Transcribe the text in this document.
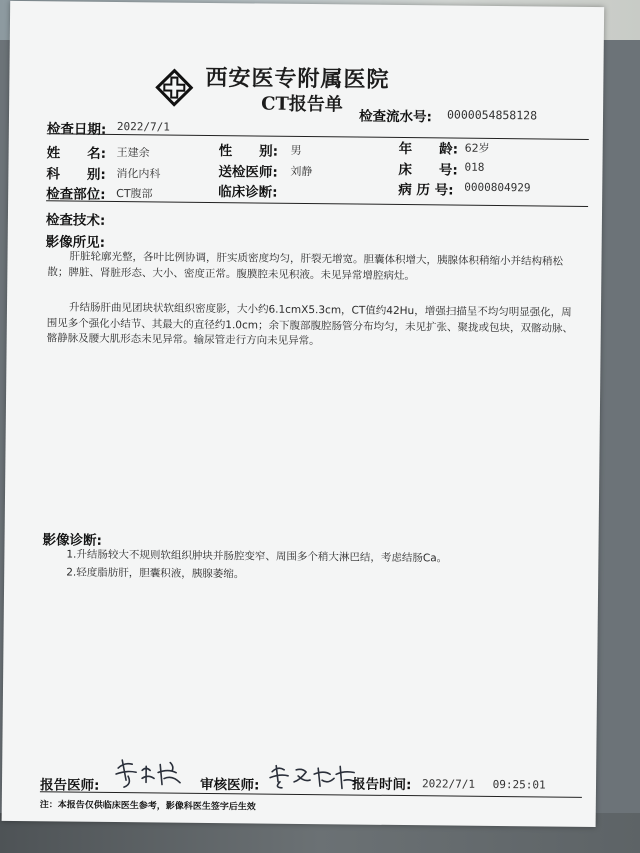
西安医专附属医院
CT报告单
检查流水号: 0000054858128
检查日期: 2022/7/1
姓　　名: 王建余	性　　别: 男	年　　龄: 62岁
科　　别: 消化内科	送检医师: 刘静	床　　号: 018
检查部位: CT腹部	临床诊断:	病 历 号: 0000804929
检查技术:
影像所见:
肝脏轮廓光整，各叶比例协调，肝实质密度均匀，肝裂无增宽。胆囊体积增大，胰腺体积稍缩小并结构稍松散；脾脏、肾脏形态、大小、密度正常。腹膜腔未见积液。未见异常增腔病灶。
升结肠肝曲见团块状软组织密度影，大小约6.1cmX5.3cm，CT值约42Hu，增强扫描呈不均匀明显强化，周围见多个强化小结节、其最大的直径约1.0cm；余下腹部腹腔肠管分布均匀，未见扩张、聚拢或包块，双髂动脉、髂静脉及腰大肌形态未见异常。输尿管走行方向未见异常。
影像诊断:
1.升结肠较大不规则软组织肿块并肠腔变窄、周围多个稍大淋巴结，考虑结肠Ca。
2.轻度脂肪肝，胆囊积液，胰腺萎缩。
报告医师:	审核医师:	报告时间: 2022/7/1　 09:25:01
注：本报告仅供临床医生参考，影像科医生签字后生效
